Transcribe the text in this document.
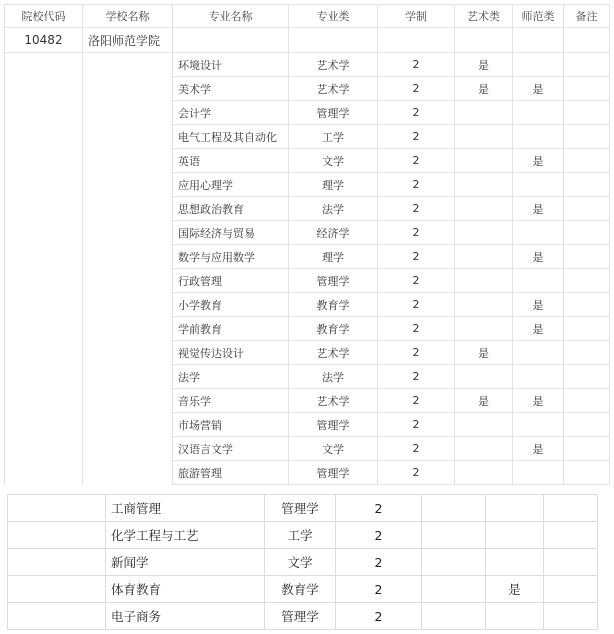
院校代码	学校名称	专业名称	专业类	学制	艺术类	师范类	备注
10482	洛阳师范学院						
		环境设计	艺术学	2	是		
		美术学	艺术学	2	是	是	
		会计学	管理学	2			
		电气工程及其自动化	工学	2			
		英语	文学	2		是	
		应用心理学	理学	2			
		思想政治教育	法学	2		是	
		国际经济与贸易	经济学	2			
		数学与应用数学	理学	2		是	
		行政管理	管理学	2			
		小学教育	教育学	2		是	
		学前教育	教育学	2		是	
		视觉传达设计	艺术学	2	是		
		法学	法学	2			
		音乐学	艺术学	2	是	是	
		市场营销	管理学	2			
		汉语言文学	文学	2		是	
		旅游管理	管理学	2			
	工商管理	管理学	2			
	化学工程与工艺	工学	2			
	新闻学	文学	2			
	体育教育	教育学	2		是	
	电子商务	管理学	2			
